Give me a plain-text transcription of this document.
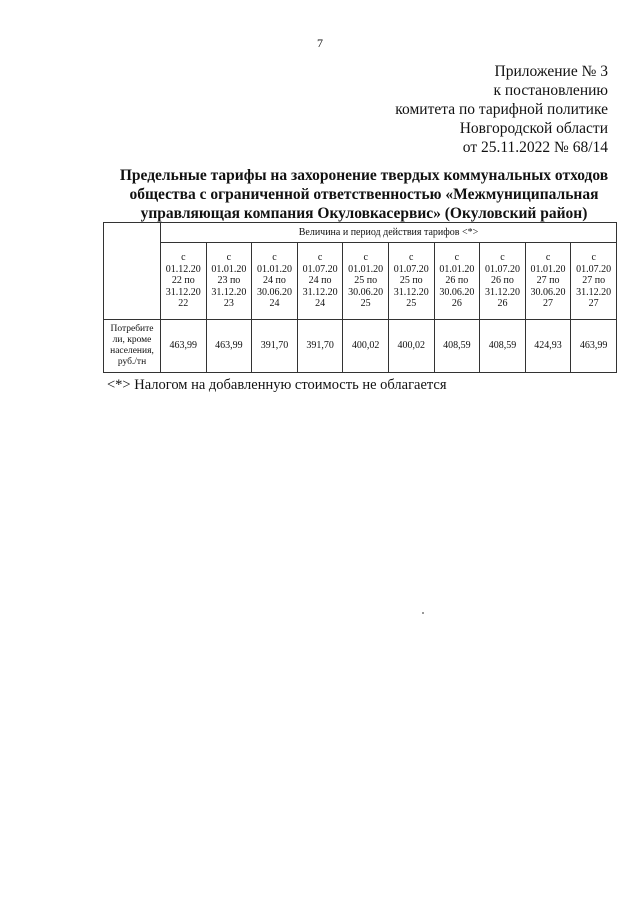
7
Приложение № 3
к постановлению
комитета по тарифной политике
Новгородской области
от 25.11.2022 № 68/14
Предельные тарифы на захоронение твердых коммунальных отходов
общества с ограниченной ответственностью «Межмуниципальная
управляющая компания Окуловкасервис» (Окуловский район)
	Величина и период действия тарифов <*>									

	с
01.12.20
22 по
31.12.20
22	с
01.01.20
23 по
31.12.20
23	с
01.01.20
24 по
30.06.20
24	с
01.07.20
24 по
31.12.20
24	с
01.01.20
25 по
30.06.20
25	с
01.07.20
25 по
31.12.20
25	с
01.01.20
26 по
30.06.20
26	с
01.07.20
26 по
31.12.20
26	с
01.01.20
27 по
30.06.20
27	с
01.07.20
27 по
31.12.20
27

Потребите
ли, кроме
населения,
руб./тн	463,99	463,99	391,70	391,70	400,02	400,02	408,59	408,59	424,93	463,99
<*> Налогом на добавленную стоимость не облагается
